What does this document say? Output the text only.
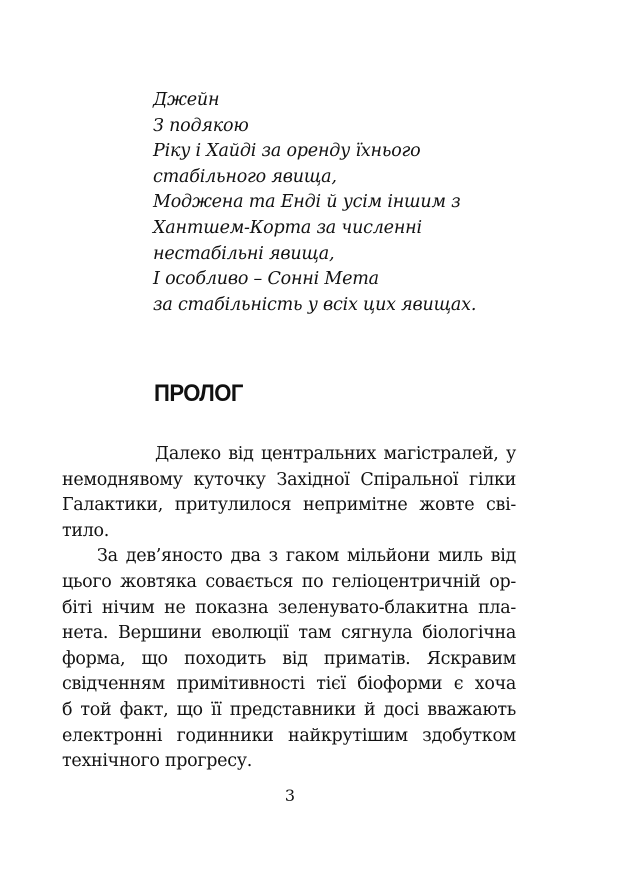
Джейн
З подякою
Ріку і Хайді за оренду їхнього
стабільного явища,
Моджена та Енді й усім іншим з
Хантшем-Корта за численні
нестабільні явища,
І особливо – Сонні Мета
за стабільність у всіх цих явищах.
ПРОЛОГ
Далеко від центральних магістралей, у
немоднявому куточку Західної Спіральної гілки
Галактики, притулилося непримітне жовте сві-
тило.
За дев’яносто два з гаком мільйони миль від
цього жовтяка совається по геліоцентричній ор-
біті нічим не показна зеленувато-блакитна пла-
нета. Вершини еволюції там сягнула біологічна
форма, що походить від приматів. Яскравим
свідченням примітивності тієї біоформи є хоча
б той факт, що її представники й досі вважають
електронні годинники найкрутішим здобутком
технічного прогресу.
3
